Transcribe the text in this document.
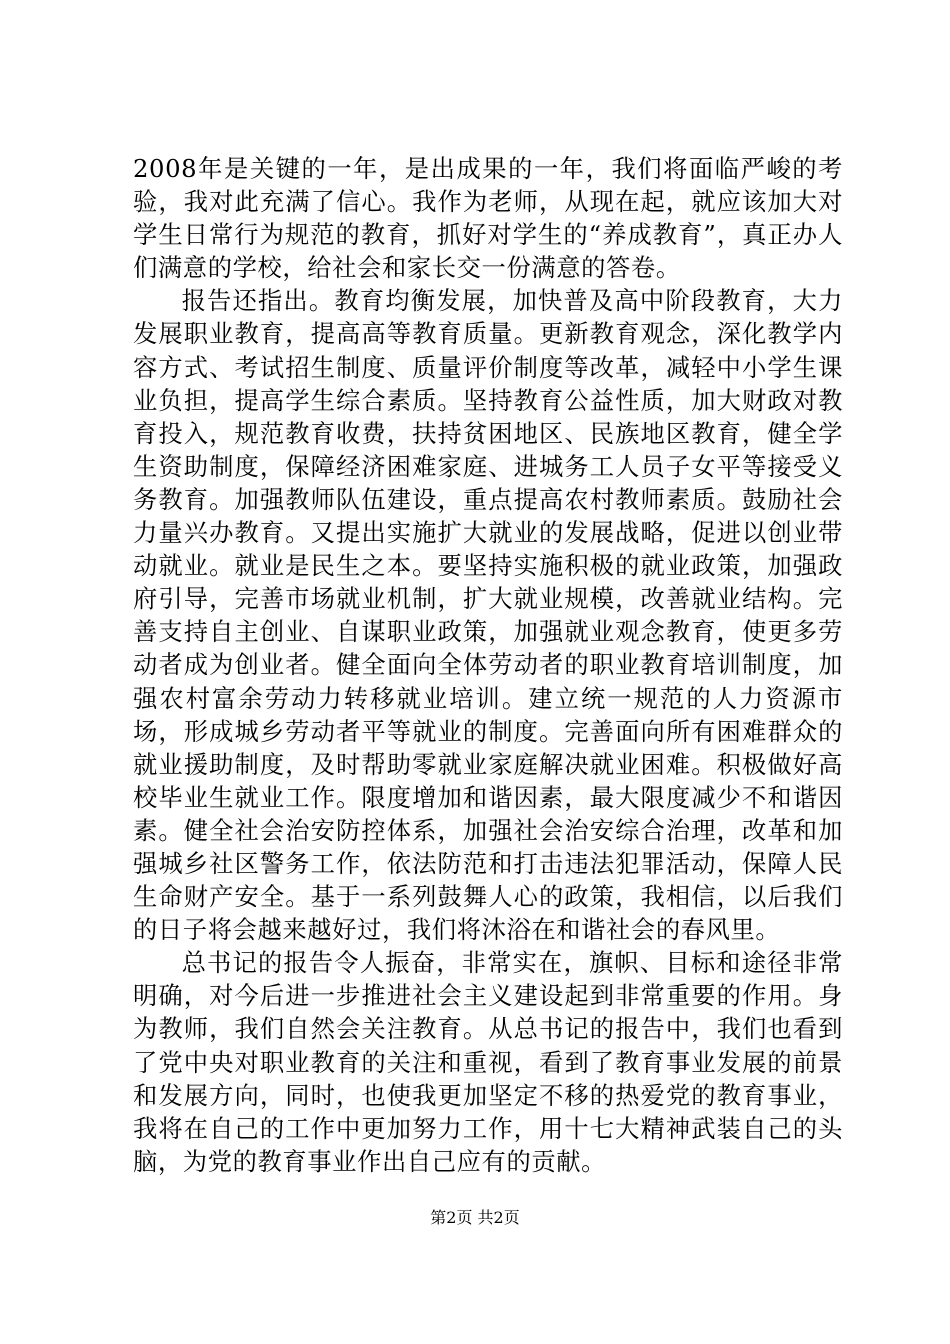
2008年是关键的一年，是出成果的一年，我们将面临严峻的考验，我对此充满了信心。我作为老师，从现在起，就应该加大对学生日常行为规范的教育，抓好对学生的“养成教育”，真正办人们满意的学校，给社会和家长交一份满意的答卷。

报告还指出。教育均衡发展，加快普及高中阶段教育，大力发展职业教育，提高高等教育质量。更新教育观念，深化教学内容方式、考试招生制度、质量评价制度等改革，减轻中小学生课业负担，提高学生综合素质。坚持教育公益性质，加大财政对教育投入，规范教育收费，扶持贫困地区、民族地区教育，健全学生资助制度，保障经济困难家庭、进城务工人员子女平等接受义务教育。加强教师队伍建设，重点提高农村教师素质。鼓励社会力量兴办教育。又提出实施扩大就业的发展战略，促进以创业带动就业。就业是民生之本。要坚持实施积极的就业政策，加强政府引导，完善市场就业机制，扩大就业规模，改善就业结构。完善支持自主创业、自谋职业政策，加强就业观念教育，使更多劳动者成为创业者。健全面向全体劳动者的职业教育培训制度，加强农村富余劳动力转移就业培训。建立统一规范的人力资源市场，形成城乡劳动者平等就业的制度。完善面向所有困难群众的就业援助制度，及时帮助零就业家庭解决就业困难。积极做好高校毕业生就业工作。限度增加和谐因素，最大限度减少不和谐因素。健全社会治安防控体系，加强社会治安综合治理，改革和加强城乡社区警务工作，依法防范和打击违法犯罪活动，保障人民生命财产安全。基于一系列鼓舞人心的政策，我相信，以后我们的日子将会越来越好过，我们将沐浴在和谐社会的春风里。

总书记的报告令人振奋，非常实在，旗帜、目标和途径非常明确，对今后进一步推进社会主义建设起到非常重要的作用。身为教师，我们自然会关注教育。从总书记的报告中，我们也看到了党中央对职业教育的关注和重视，看到了教育事业发展的前景和发展方向，同时，也使我更加坚定不移的热爱党的教育事业，我将在自己的工作中更加努力工作，用十七大精神武装自己的头脑，为党的教育事业作出自己应有的贡献。

第2页 共2页
